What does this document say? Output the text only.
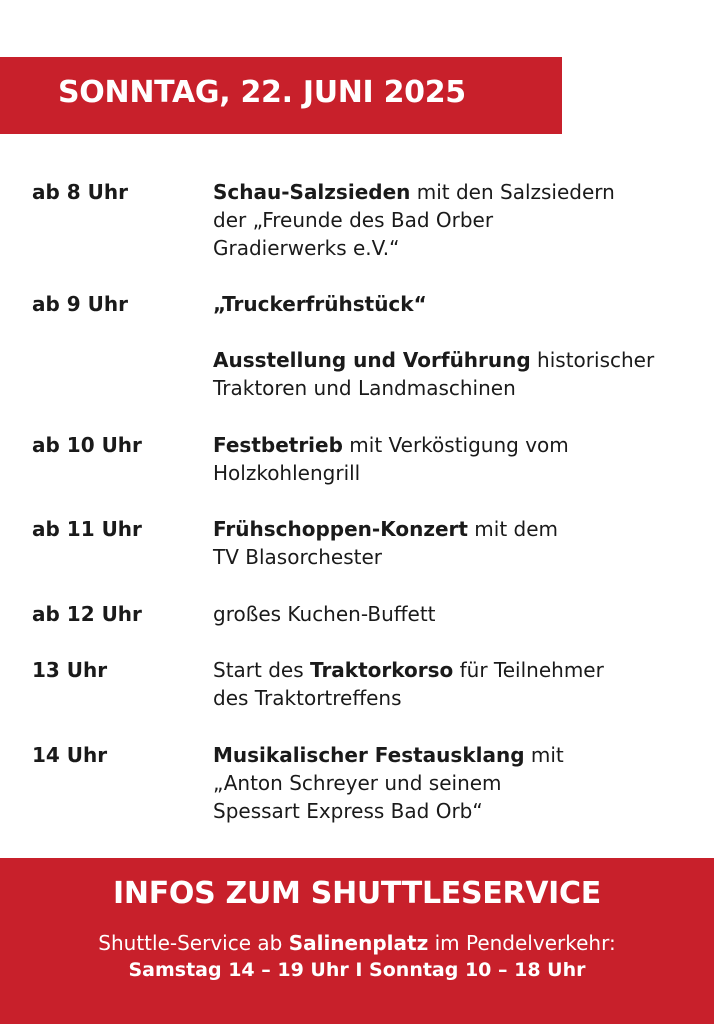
SONNTAG, 22. JUNI 2025
ab 8 Uhr	Schau-Salzsieden mit den Salzsiedern
der „Freunde des Bad Orber
Gradierwerks e.V.“
ab 9 Uhr	„Truckerfrühstück“
Ausstellung und Vorführung historischer
Traktoren und Landmaschinen
ab 10 Uhr	Festbetrieb mit Verköstigung vom
Holzkohlengrill
ab 11 Uhr	Frühschoppen-Konzert mit dem
TV Blasorchester
ab 12 Uhr	großes Kuchen-Buffett
13 Uhr	Start des Traktorkorso für Teilnehmer
des Traktortreffens
14 Uhr	Musikalischer Festausklang mit
„Anton Schreyer und seinem
Spessart Express Bad Orb“
INFOS ZUM SHUTTLESERVICE
Shuttle-Service ab Salinenplatz im Pendelverkehr:
Samstag 14 – 19 Uhr I Sonntag 10 – 18 Uhr
